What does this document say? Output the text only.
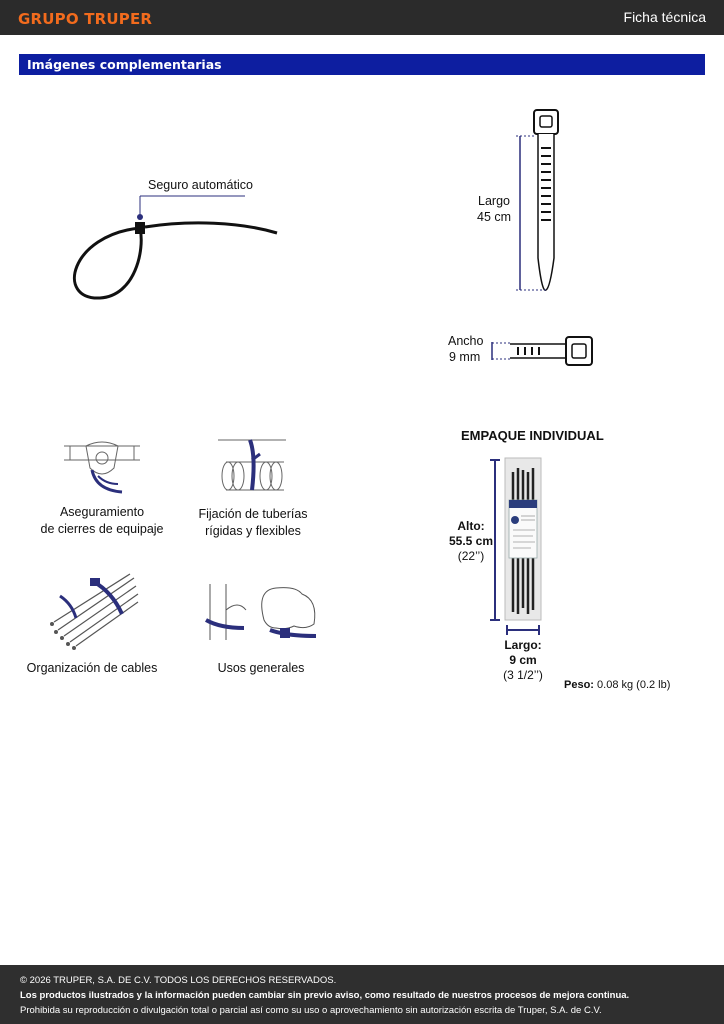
GRUPO TRUPER	Ficha técnica
Imágenes complementarias
Seguro automático
Largo
45 cm
Ancho
9 mm
Aseguramiento
de cierres de equipaje
Fijación de tuberías
rígidas y flexibles
Organización de cables	Usos generales
EMPAQUE INDIVIDUAL
Alto:
55.5 cm
(22’’)
Largo:
9 cm
(3 1/2’’)
Peso: 0.08 kg (0.2 lb)
© 2026 TRUPER, S.A. DE C.V. TODOS LOS DERECHOS RESERVADOS.
Los productos ilustrados y la información pueden cambiar sin previo aviso, como resultado de nuestros procesos de mejora continua.
Prohibida su reproducción o divulgación total o parcial así como su uso o aprovechamiento sin autorización escrita de Truper, S.A. de C.V.
